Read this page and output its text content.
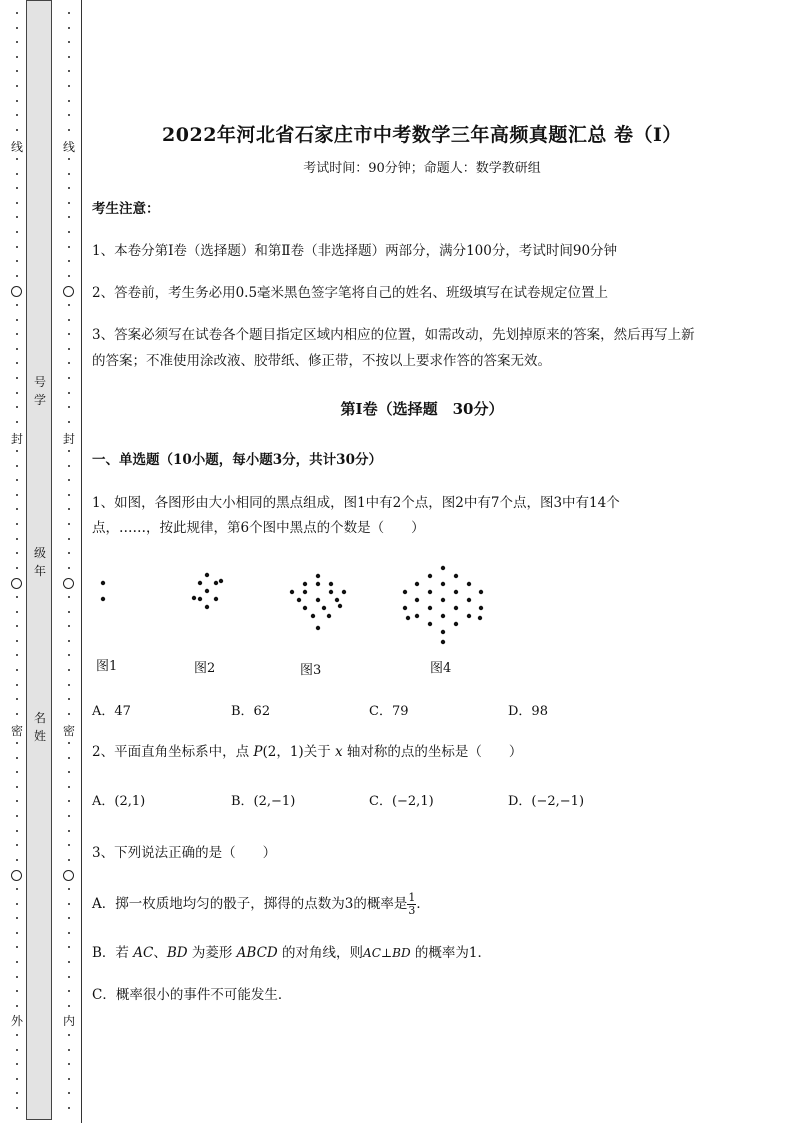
线
封
密
外
号
学
级
年
名
姓
线
封
密
内
2022年河北省石家庄市中考数学三年高频真题汇总 卷（Ⅰ）
考试时间：90分钟；命题人：数学教研组
考生注意：
1、本卷分第Ⅰ卷（选择题）和第Ⅱ卷（非选择题）两部分，满分100分，考试时间90分钟
2、答卷前，考生务必用0.5毫米黑色签字笔将自己的姓名、班级填写在试卷规定位置上
3、答案必须写在试卷各个题目指定区域内相应的位置，如需改动，先划掉原来的答案，然后再写上新
的答案；不准使用涂改液、胶带纸、修正带，不按以上要求作答的答案无效。
第Ⅰ卷（选择题　30分）
一、单选题（10小题，每小题3分，共计30分）
1、如图，各图形由大小相同的黑点组成，图1中有2个点，图2中有7个点，图3中有14个
点，……，按此规律，第6个图中黑点的个数是（　　）
图1	图2	图3	图4
A．47	B．62	C．79	D．98
2、平面直角坐标系中，点 P(2，1)关于 x 轴对称的点的坐标是（　　）
A．(2,1)	B．(2,−1)	C．(−2,1)	D．(−2,−1)
3、下列说法正确的是（　　）
A．掷一枚质地均匀的骰子，掷得的点数为3的概率是 $\frac{1}{3}$ ．
B．若 AC、BD 为菱形 ABCD 的对角线，则AC⊥BD 的概率为1．
C．概率很小的事件不可能发生．
